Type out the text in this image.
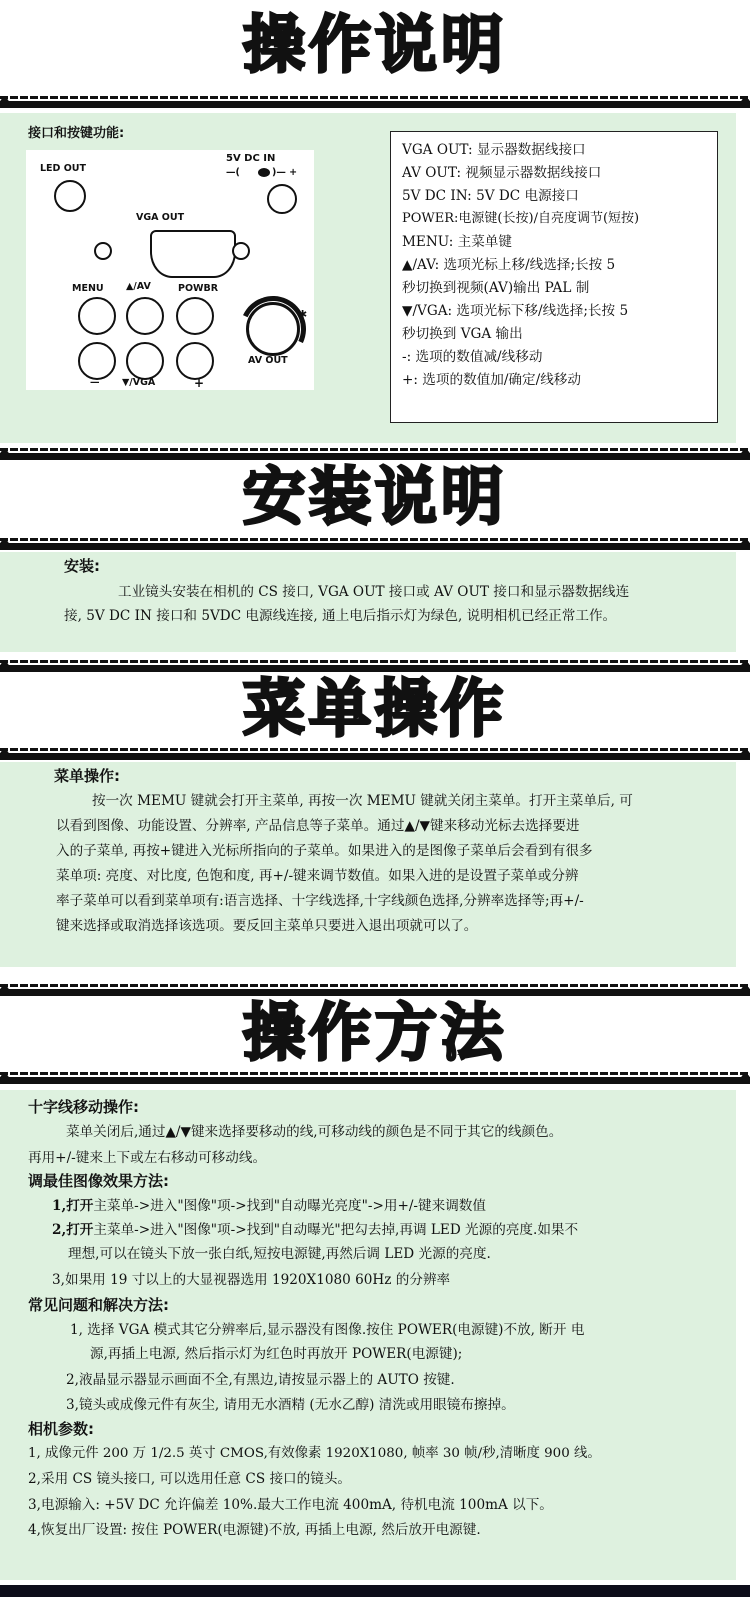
操作说明
接口和按键功能:
LED OUT
5V DC IN
—(	)— +
VGA OUT
MENU ▲/AV	POWBR
— ▼/VGA	+
✱
AV OUT
VGA OUT: 显示器数据线接口
AV OUT: 视频显示器数据线接口
5V DC IN: 5V DC 电源接口
POWER:电源键(长按)/自亮度调节(短按)
MENU: 主菜单键
▲/AV: 选项光标上移/线选择;长按 5
秒切换到视频(AV)输出 PAL 制
▼/VGA: 选项光标下移/线选择;长按 5
秒切换到 VGA 输出
-: 选项的数值减/线移动
+: 选项的数值加/确定/线移动
安装说明
安装:
工业镜头安装在相机的 CS 接口, VGA OUT 接口或 AV OUT 接口和显示器数据线连
接, 5V DC IN 接口和 5VDC 电源线连接, 通上电后指示灯为绿色, 说明相机已经正常工作。
菜单操作
菜单操作:
按一次 MEMU 键就会打开主菜单, 再按一次 MEMU 键就关闭主菜单。打开主菜单后, 可
以看到图像、功能设置、分辨率, 产品信息等子菜单。通过▲/▼键来移动光标去选择要进
入的子菜单, 再按+键进入光标所指向的子菜单。如果进入的是图像子菜单后会看到有很多
菜单项: 亮度、对比度, 色饱和度, 再+/-键来调节数值。如果入进的是设置子菜单或分辨
率子菜单可以看到菜单项有:语言选择、十字线选择,十字线颜色选择,分辨率选择等;再+/-
键来选择或取消选择该选项。要反回主菜单只要进入退出项就可以了。
操作方法
十字线移动操作:
菜单关闭后,通过▲/▼键来选择要移动的线,可移动线的颜色是不同于其它的线颜色。
再用+/-键来上下或左右移动可移动线。
调最佳图像效果方法:
1,打开主菜单->进入"图像"项->找到"自动曝光亮度"->用+/-键来调数值
2,打开主菜单->进入"图像"项->找到"自动曝光"把勾去掉,再调 LED 光源的亮度.如果不
理想,可以在镜头下放一张白纸,短按电源键,再然后调 LED 光源的亮度.
3,如果用 19 寸以上的大显视器选用 1920X1080 60Hz 的分辨率
常见问题和解决方法:
1, 选择 VGA 模式其它分辨率后,显示器没有图像.按住 POWER(电源键)不放, 断开 电
源,再插上电源, 然后指示灯为红色时再放开 POWER(电源键);
2,液晶显示器显示画面不全,有黑边,请按显示器上的 AUTO 按键.
3,镜头或成像元件有灰尘, 请用无水酒精 (无水乙醇) 清洗或用眼镜布擦掉。
相机参数:
1, 成像元件 200 万 1/2.5 英寸 CMOS,有效像素 1920X1080, 帧率 30 帧/秒,清晰度 900 线。
2,采用 CS 镜头接口, 可以选用任意 CS 接口的镜头。
3,电源输入: +5V DC 允许偏差 10%.最大工作电流 400mA, 待机电流 100mA 以下。
4,恢复出厂设置: 按住 POWER(电源键)不放, 再插上电源, 然后放开电源键.
